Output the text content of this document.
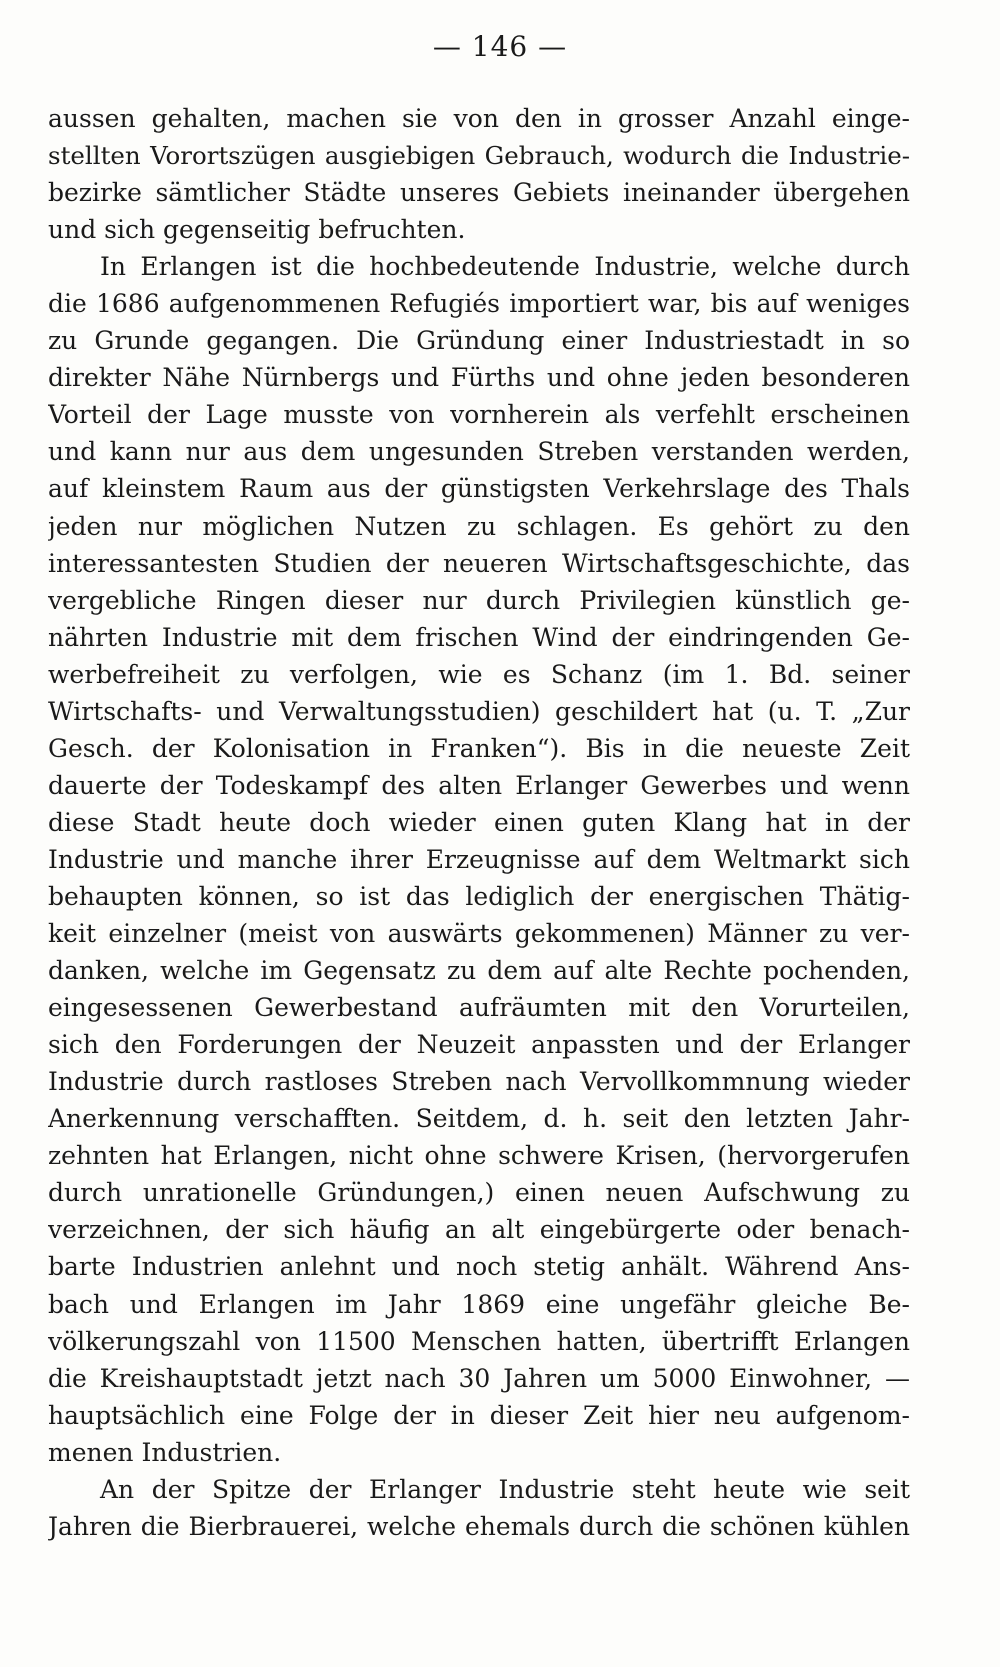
— 146 —
aussen gehalten, machen sie von den in grosser Anzahl einge-
stellten Vorortszügen ausgiebigen Gebrauch, wodurch die Industrie-
bezirke sämtlicher Städte unseres Gebiets ineinander übergehen
und sich gegenseitig befruchten.
In Erlangen ist die hochbedeutende Industrie, welche durch
die 1686 aufgenommenen Refugiés importiert war, bis auf weniges
zu Grunde gegangen. Die Gründung einer Industriestadt in so
direkter Nähe Nürnbergs und Fürths und ohne jeden besonderen
Vorteil der Lage musste von vornherein als verfehlt erscheinen
und kann nur aus dem ungesunden Streben verstanden werden,
auf kleinstem Raum aus der günstigsten Verkehrslage des Thals
jeden nur möglichen Nutzen zu schlagen. Es gehört zu den
interessantesten Studien der neueren Wirtschaftsgeschichte, das
vergebliche Ringen dieser nur durch Privilegien künstlich ge-
nährten Industrie mit dem frischen Wind der eindringenden Ge-
werbefreiheit zu verfolgen, wie es Schanz (im 1. Bd. seiner
Wirtschafts- und Verwaltungsstudien) geschildert hat (u. T. „Zur
Gesch. der Kolonisation in Franken“). Bis in die neueste Zeit
dauerte der Todeskampf des alten Erlanger Gewerbes und wenn
diese Stadt heute doch wieder einen guten Klang hat in der
Industrie und manche ihrer Erzeugnisse auf dem Weltmarkt sich
behaupten können, so ist das lediglich der energischen Thätig-
keit einzelner (meist von auswärts gekommenen) Männer zu ver-
danken, welche im Gegensatz zu dem auf alte Rechte pochenden,
eingesessenen Gewerbestand aufräumten mit den Vorurteilen,
sich den Forderungen der Neuzeit anpassten und der Erlanger
Industrie durch rastloses Streben nach Vervollkommnung wieder
Anerkennung verschafften. Seitdem, d. h. seit den letzten Jahr-
zehnten hat Erlangen, nicht ohne schwere Krisen, (hervorgerufen
durch unrationelle Gründungen,) einen neuen Aufschwung zu
verzeichnen, der sich häufig an alt eingebürgerte oder benach-
barte Industrien anlehnt und noch stetig anhält. Während Ans-
bach und Erlangen im Jahr 1869 eine ungefähr gleiche Be-
völkerungszahl von 11500 Menschen hatten, übertrifft Erlangen
die Kreishauptstadt jetzt nach 30 Jahren um 5000 Einwohner, —
hauptsächlich eine Folge der in dieser Zeit hier neu aufgenom-
menen Industrien.
An der Spitze der Erlanger Industrie steht heute wie seit
Jahren die Bierbrauerei, welche ehemals durch die schönen kühlen
